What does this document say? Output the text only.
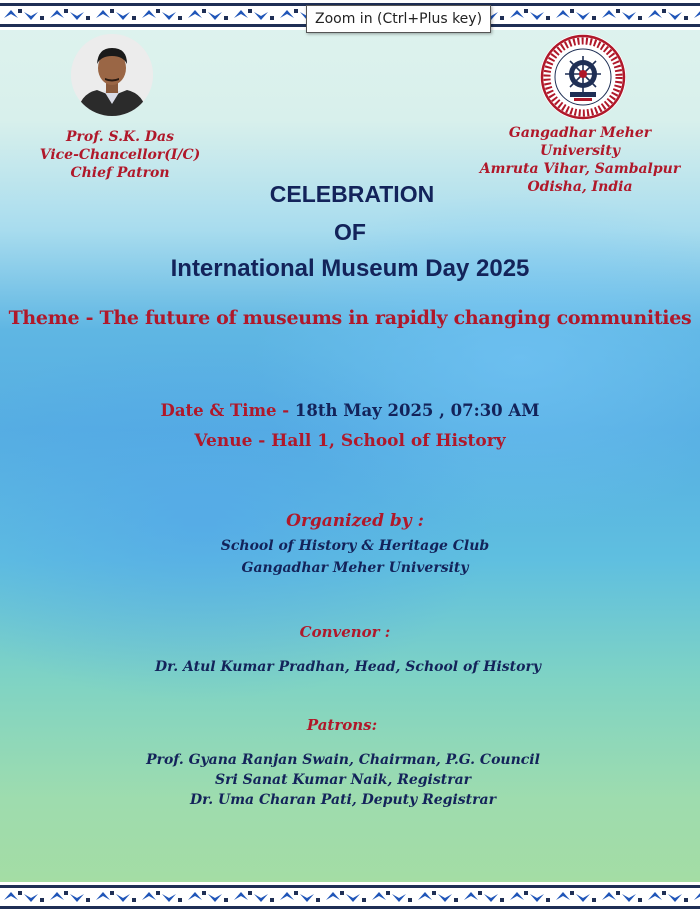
Zoom in (Ctrl+Plus key)
Prof. S.K. Das
Vice-Chancellor(I/C)
Chief Patron
Gangadhar Meher University
Amruta Vihar, Sambalpur
Odisha, India
CELEBRATION
OF
International Museum Day 2025
Theme - The future of museums in rapidly changing communities
Date & Time - 18th May 2025 , 07:30 AM
Venue - Hall 1, School of History
Organized by :
School of History & Heritage Club
Gangadhar Meher University
Convenor :
Dr. Atul Kumar Pradhan, Head, School of History
Patrons:
Prof. Gyana Ranjan Swain, Chairman, P.G. Council
Sri Sanat Kumar Naik, Registrar
Dr. Uma Charan Pati, Deputy Registrar
